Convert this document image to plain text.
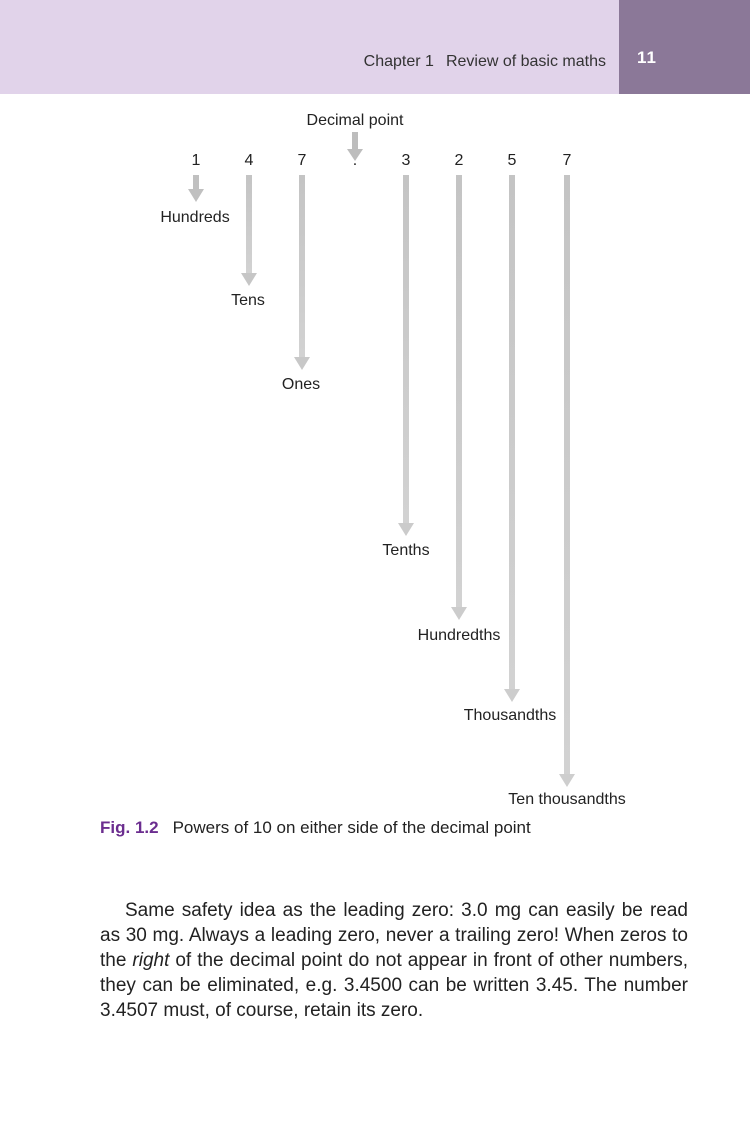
Chapter 1 Review of basic maths 11
Decimal point
1	4	7	.	3	2	5	7
Hundreds
Tens
Ones
Tenths
Hundredths
Thousandths
Ten thousandths
Fig. 1.2 Powers of 10 on either side of the decimal point

Same safety idea as the leading zero: 3.0 mg can easily be read as 30 mg. Always a leading zero, never a trailing zero! When zeros to the right of the decimal point do not appear in front of other numbers, they can be eliminated, e.g. 3.4500 can be written 3.45. The number 3.4507 must, of course, retain its zero.
